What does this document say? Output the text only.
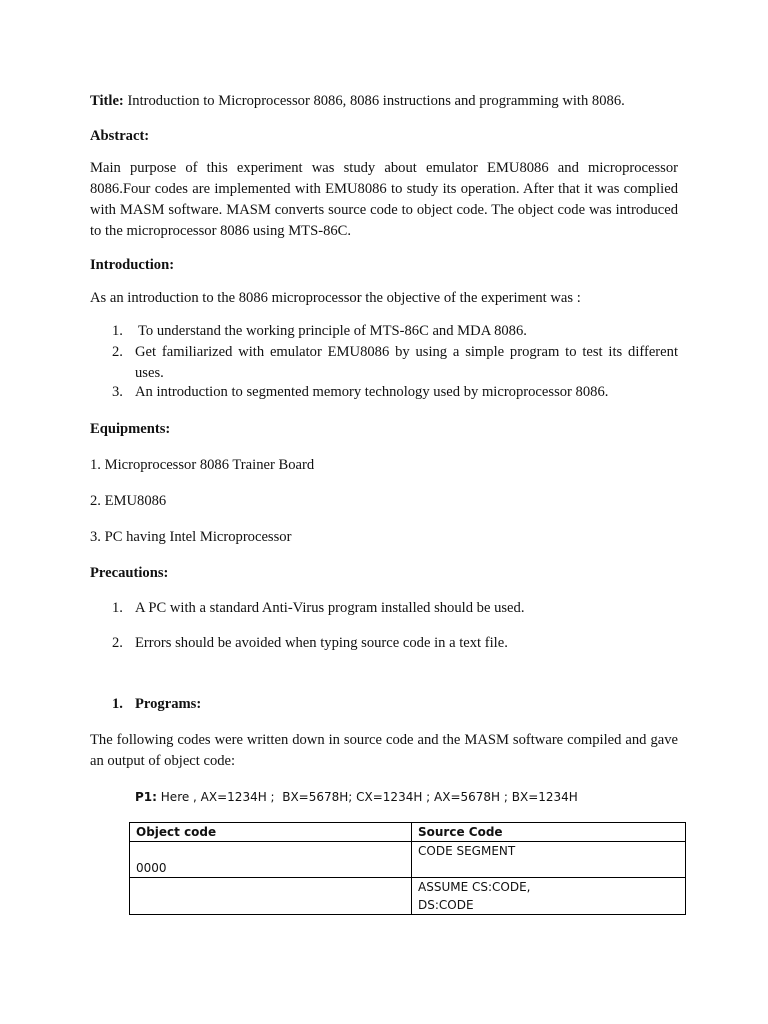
Title: Introduction to Microprocessor 8086, 8086 instructions and programming with 8086.

Abstract:

Main purpose of this experiment was study about emulator EMU8086 and microprocessor 8086.Four codes are implemented with EMU8086 to study its operation. After that it was complied with MASM software. MASM converts source code to object code. The object code was introduced to the microprocessor 8086 using MTS-86C.

Introduction:

As an introduction to the 8086 microprocessor the objective of the experiment was :

1. To understand the working principle of MTS-86C and MDA 8086.
2. Get familiarized with emulator EMU8086 by using a simple program to test its different uses.
3. An introduction to segmented memory technology used by microprocessor 8086.

Equipments:

1. Microprocessor 8086 Trainer Board

2. EMU8086

3. PC having Intel Microprocessor

Precautions:

1. A PC with a standard Anti-Virus program installed should be used.
2. Errors should be avoided when typing source code in a text file.
1. Programs:

The following codes were written down in source code and the MASM software compiled and gave an output of object code:

P1: Here , AX=1234H ;  BX=5678H; CX=1234H ; AX=5678H ; BX=1234H

Object code	Source Code
0000	CODE SEGMENT
	ASSUME CS:CODE,
DS:CODE
